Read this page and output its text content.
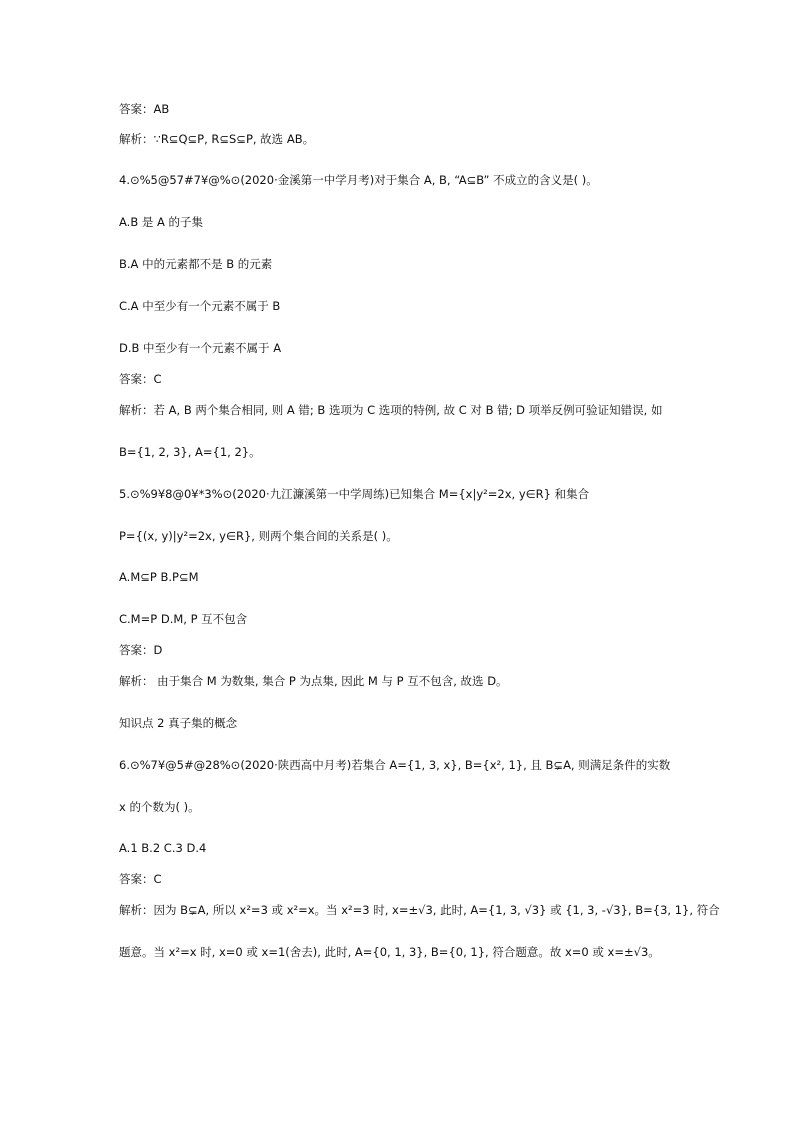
答案：AB
解析：∵R⊆Q⊆P, R⊆S⊆P, 故选 AB。
4.⊙%5@57#7¥@%⊙(2020·金溪第一中学月考)对于集合 A, B, “A⊆B” 不成立的含义是( )。
A.B 是 A 的子集
B.A 中的元素都不是 B 的元素
C.A 中至少有一个元素不属于 B
D.B 中至少有一个元素不属于 A
答案：C
解析：若 A, B 两个集合相同, 则 A 错; B 选项为 C 选项的特例, 故 C 对 B 错; D 项举反例可验证知错误, 如
B={1, 2, 3}, A={1, 2}。
5.⊙%9¥8@0¥*3%⊙(2020·九江濂溪第一中学周练)已知集合 M={x|y²=2x, y∈R} 和集合
P={(x, y)|y²=2x, y∈R}, 则两个集合间的关系是( )。
A.M⊆P B.P⊆M
C.M=P D.M, P 互不包含
答案：D
解析： 由于集合 M 为数集, 集合 P 为点集, 因此 M 与 P 互不包含, 故选 D。
知识点 2 真子集的概念
6.⊙%7¥@5#@28%⊙(2020·陕西高中月考)若集合 A={1, 3, x}, B={x², 1}, 且 B⊊A, 则满足条件的实数
x 的个数为( )。
A.1 B.2 C.3 D.4
答案：C
解析：因为 B⊊A, 所以 x²=3 或 x²=x。当 x²=3 时, x=±√3, 此时, A={1, 3, √3} 或 {1, 3, -√3}, B={3, 1}, 符合
题意。当 x²=x 时, x=0 或 x=1(舍去), 此时, A={0, 1, 3}, B={0, 1}, 符合题意。故 x=0 或 x=±√3。
